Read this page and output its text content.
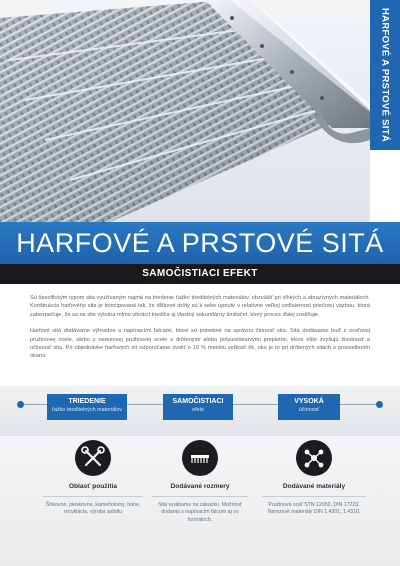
HARFOVÉ A PRSTOVÉ SITÁ
HARFOVÉ A PRSTOVÉ SITÁ
SAMOČISTIACI EFEKT

Sú špecifickým typom sita využívaným najmä na triedenie ťažko trieditelných materiálov, obzvlášť pri vlhkých a abrazívnych materiáloch. Konštrukcia harfového sita je koncipovaná tak, že dĺžkové drôty sú k sebe upnuté v relatívne veľkej vzdialenosti priečnou väzbou, ktorá zabezpečuje, že sa na site vytvára mimo vibrácií triediča aj vlastný sekundárny kmitočet, ktorý proces ďalej zosilňuje.

Harfové sitá dodávame výhradne s napínacími falcami, ktoré sú potrebné na správnu činnosť sita. Sitá dodávame buď z oceľovej pružinovej ocele, alebo z nerezovej pružinovej ocele s drôtenými alebo polyuretánovými prepletmi, ktoré ešte zvyšujú životnosť a účinnosť sita. Pri objednávke harfových sít odporúčame zvoliť o 10 % menšiu veľkosť ôk, oko je to pri drôtených sitách s prosvetlením okami.

TRIEDENIE
ťažko trieditelných materiálov
SAMOČISTIACI
efekt
VYSOKÁ
účinnosť
Oblasť použitia

Štrkovne, pieskovne, kameňolomy, bane, recyklácia, výroba asfaltu

Dodávané rozmery

Sitá vyrábame na zákazku. Možnosť dodania s napínacím falcom aj vo formátoch.

Dodávané materiály

Pružinová oceľ STN 12050, DIN 17223. Nerezové materiály DIN 1.4301, 1.4310.
